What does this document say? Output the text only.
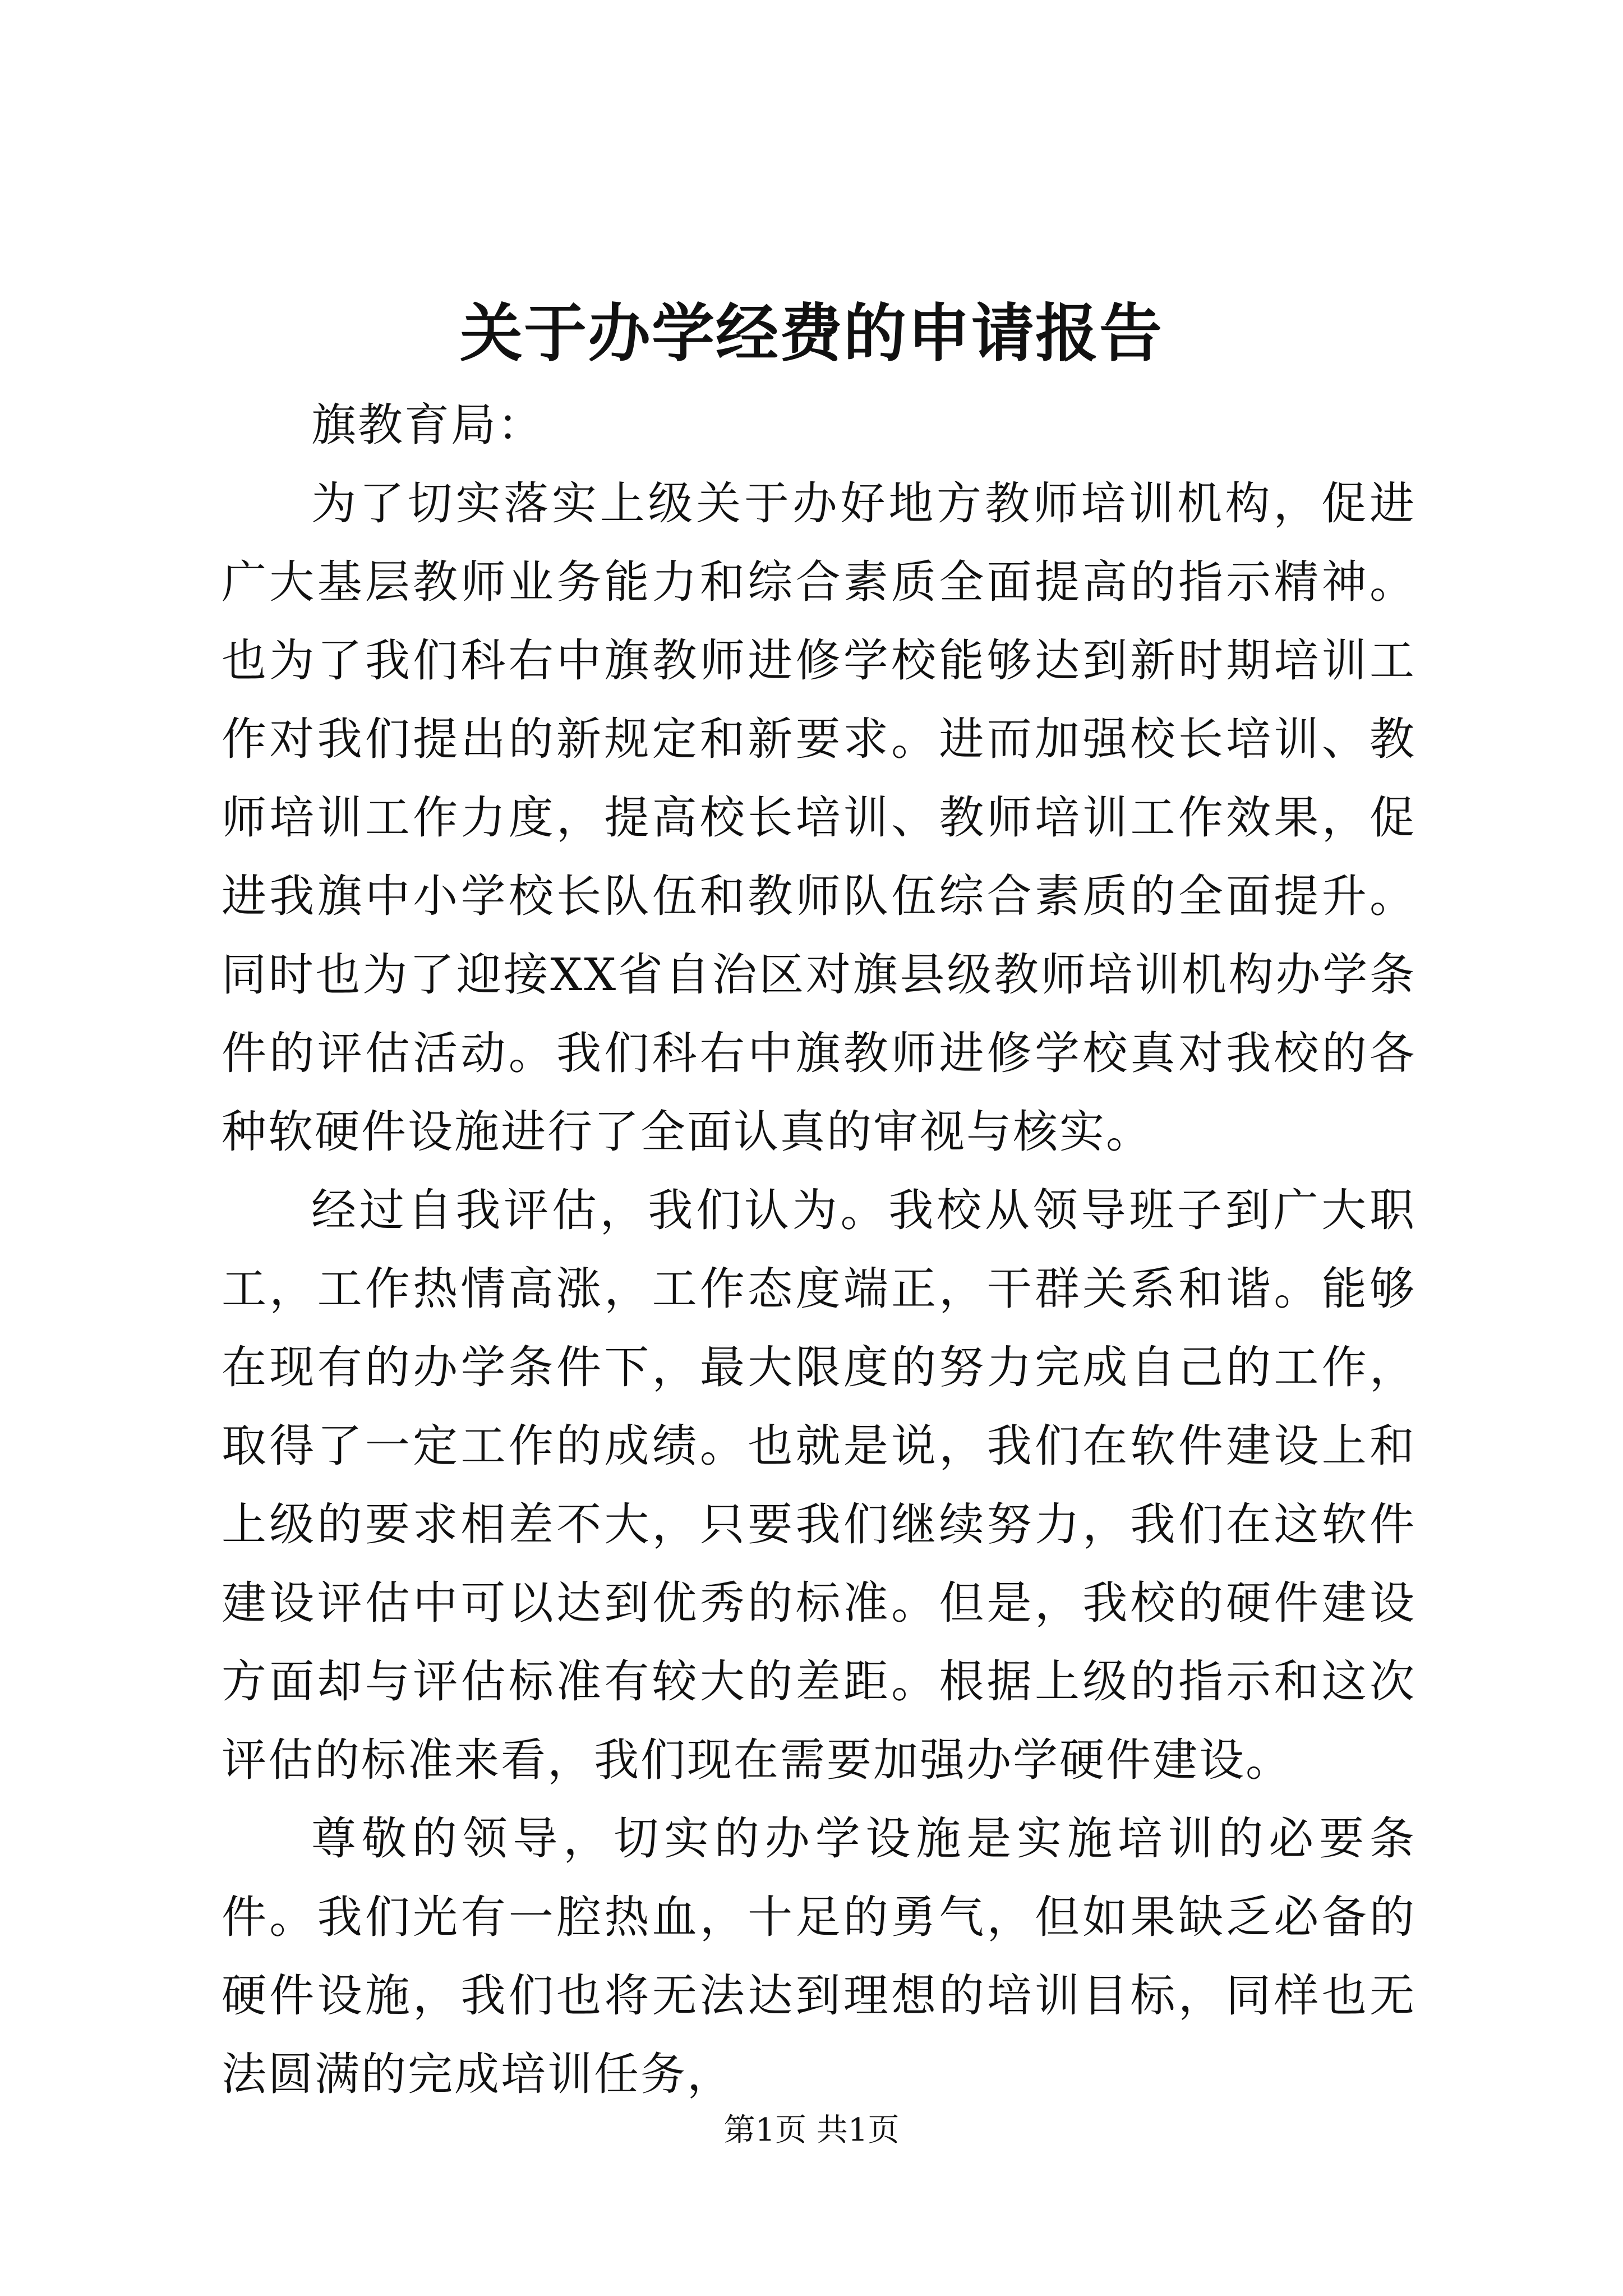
关于办学经费的申请报告

旗教育局：

为了切实落实上级关于办好地方教师培训机构，促进广大基层教师业务能力和综合素质全面提高的指示精神。也为了我们科右中旗教师进修学校能够达到新时期培训工作对我们提出的新规定和新要求。进而加强校长培训、教师培训工作力度，提高校长培训、教师培训工作效果，促进我旗中小学校长队伍和教师队伍综合素质的全面提升。同时也为了迎接XX省自治区对旗县级教师培训机构办学条件的评估活动。我们科右中旗教师进修学校真对我校的各种软硬件设施进行了全面认真的审视与核实。

经过自我评估，我们认为。我校从领导班子到广大职工，工作热情高涨，工作态度端正，干群关系和谐。能够在现有的办学条件下，最大限度的努力完成自己的工作，取得了一定工作的成绩。也就是说，我们在软件建设上和上级的要求相差不大，只要我们继续努力，我们在这软件建设评估中可以达到优秀的标准。但是，我校的硬件建设方面却与评估标准有较大的差距。根据上级的指示和这次评估的标准来看，我们现在需要加强办学硬件建设。

尊敬的领导，切实的办学设施是实施培训的必要条件。我们光有一腔热血，十足的勇气，但如果缺乏必备的硬件设施，我们也将无法达到理想的培训目标，同样也无法圆满的完成培训任务，

第1页 共1页
